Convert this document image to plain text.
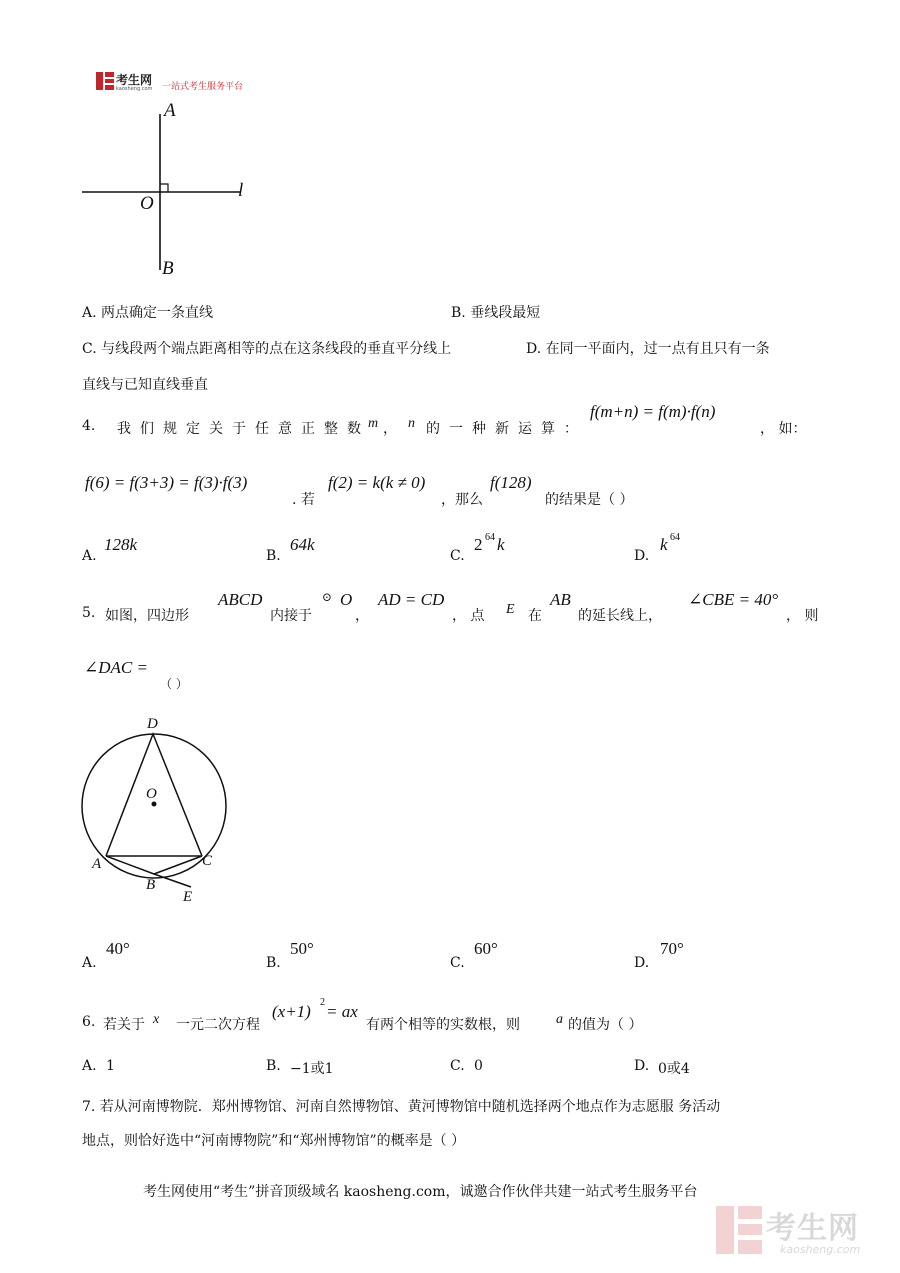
考生网
kaosheng.com 一站式考生服务平台
A
O
l
B
A. 两点确定一条直线	B. 垂线段最短
C. 与线段两个端点距离相等的点在这条线段的垂直平分线上	D. 在同一平面内，过一点有且只有一条
直线与已知直线垂直
4. 我们规定关于任意正整数
m ， n 的一种新运算：
f(m+n) = f(m)·f(n)
， 如：
f(6) = f(3+3) = f(3)·f(3)
. 若
f(2) = k(k ≠ 0)
，那么
f(128)
的结果是（ ）
A.
128k
B.
64k
C.
2 64 k
D.
k 64
5. 如图，四边形
ABCD
内接于
⊙ O
，
AD = CD
， 点 E 在
AB
的延长线上，
∠CBE = 40°
， 则
∠DAC =
（ ）
D
O
A	C
B
E
A.
40°
B.
50°
C.
60°
D.
70°
6. 若关于 x 一元二次方程
(x+1) 2 = ax
有两个相等的实数根，则	a 的值为（ ）
A. 1	B. −1或1	C. 0	D. 0或4
7. 若从河南博物院．郑州博物馆、河南自然博物馆、黄河博物馆中随机选择两个地点作为志愿服 务活动
地点，则恰好选中“河南博物院”和“郑州博物馆”的概率是（ ）
考生网使用“考生”拼音顶级域名 kaosheng.com，诚邀合作伙伴共建一站式考生服务平台
考生网
kaosheng.com
